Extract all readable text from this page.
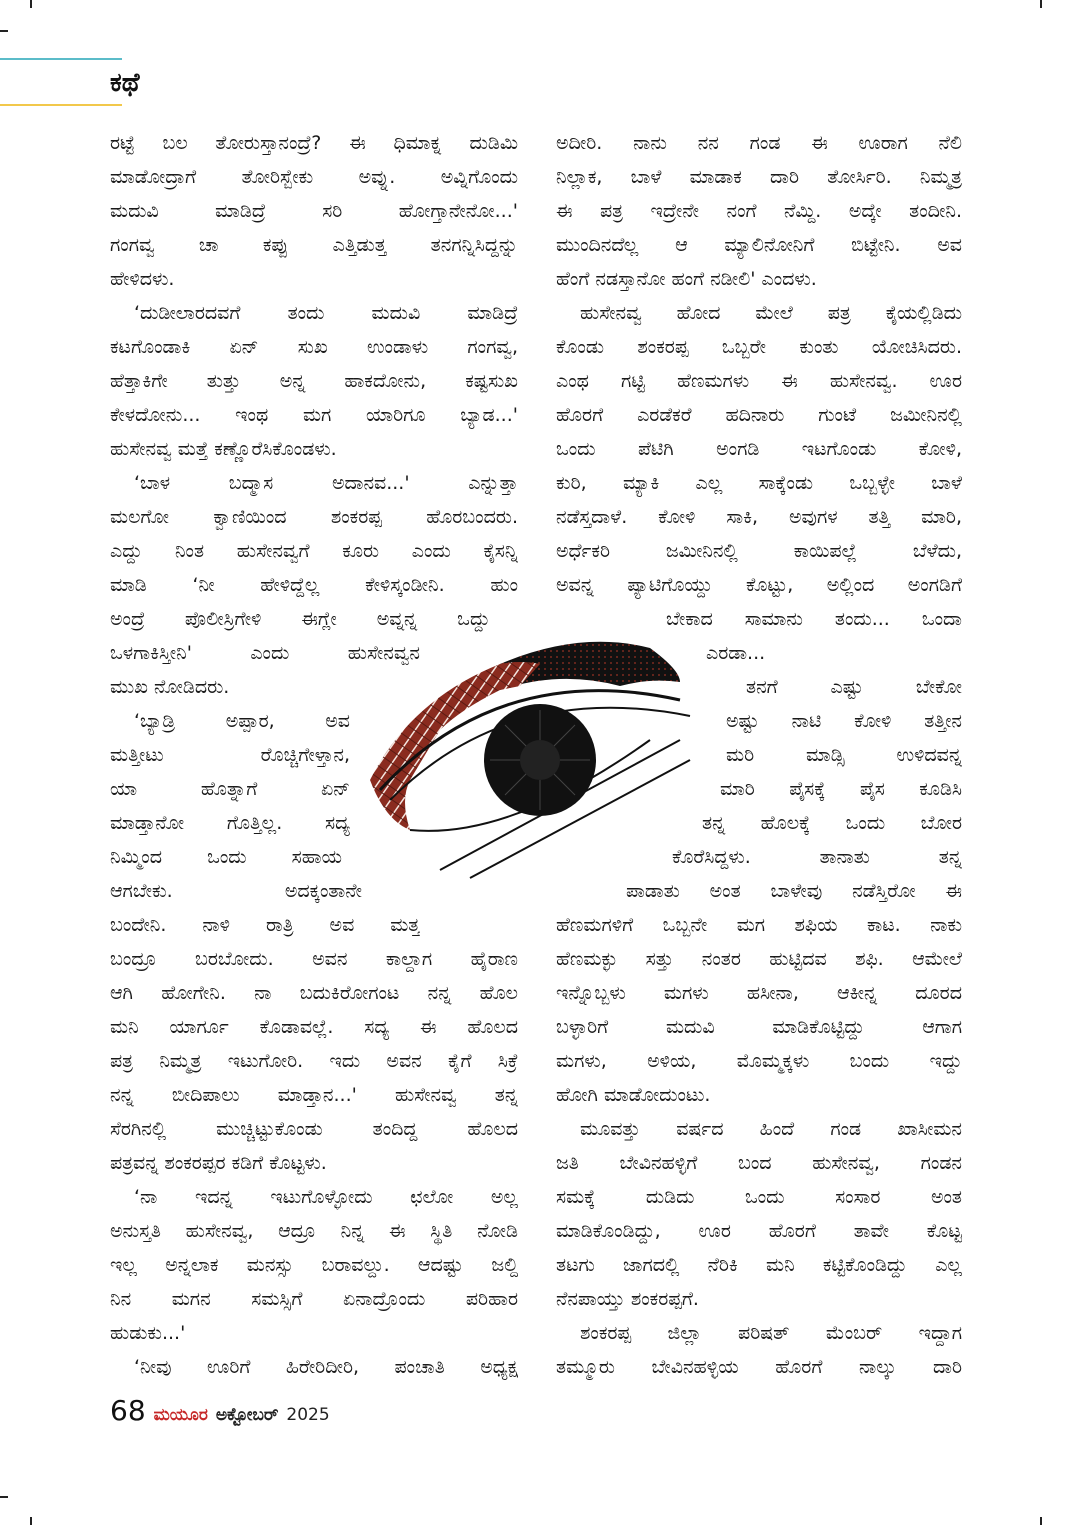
ಕಥೆ
ರಟ್ಟೆ ಬಲ ತೋರುಸ್ತಾನಂದ್ರೆ? ಈ ಧಿಮಾಕ್ನ ದುಡಿಮಿ
ಮಾಡೋದ್ರಾಗೆ ತೋರಿಸ್ಬೇಕು ಅವ್ನು. ಅವ್ನಿಗೊಂದು
ಮದುವಿ ಮಾಡಿದ್ರೆ ಸರಿ ಹೋಗ್ತಾನೇನೋ...'
ಗಂಗವ್ವ ಚಾ ಕಪ್ಪು ಎತ್ತಿಡುತ್ತ ತನಗನ್ನಿಸಿದ್ದನ್ನು
ಹೇಳಿದಳು.
‘ದುಡೀಲಾರದವಗೆ ತಂದು ಮದುವಿ ಮಾಡಿದ್ರೆ
ಕಟಗೊಂಡಾಕಿ ಏನ್ ಸುಖ ಉಂಡಾಳು ಗಂಗವ್ವ,
ಹೆತ್ತಾಕಿಗೇ ತುತ್ತು ಅನ್ನ ಹಾಕದೋನು, ಕಷ್ಟಸುಖ
ಕೇಳದೋನು... ಇಂಥ ಮಗ ಯಾರಿಗೂ ಬ್ಯಾಡ...'
ಹುಸೇನವ್ವ ಮತ್ತೆ ಕಣ್ಣೊರೆಸಿಕೊಂಡಳು.
‘ಬಾಳ ಬದ್ಮಾಸ ಅದಾನವ...' ಎನ್ನುತ್ತಾ
ಮಲಗೋ ಕ್ವಾಣಿಯಿಂದ ಶಂಕರಪ್ಪ ಹೊರಬಂದರು.
ಎದ್ದು ನಿಂತ ಹುಸೇನವ್ವಗೆ ಕೂರು ಎಂದು ಕೈಸನ್ನಿ
ಮಾಡಿ ‘ನೀ ಹೇಳಿದ್ದೆಲ್ಲ ಕೇಳಿಸ್ಕಂಡೀನಿ. ಹುಂ
ಅಂದ್ರೆ ಪೊಲೀಸ್ರಿಗೇಳಿ ಈಗ್ಲೇ ಅವ್ನನ್ನ ಒದ್ದು
ಒಳಗಾಕಿಸ್ತೀನಿ' ಎಂದು ಹುಸೇನವ್ವನ
ಮುಖ ನೋಡಿದರು.
‘ಬ್ಯಾಡ್ರಿ ಅಪ್ಪಾರ, ಅವ
ಮತ್ತೀಟು ರೊಚ್ಚಿಗೇಳ್ತಾನ,
ಯಾ ಹೊತ್ನಾಗೆ ಏನ್
ಮಾಡ್ತಾನೋ ಗೊತ್ತಿಲ್ಲ. ಸದ್ಯ
ನಿಮ್ಮಿಂದ ಒಂದು ಸಹಾಯ
ಆಗಬೇಕು. ಅದಕ್ಕಂತಾನೇ
ಬಂದೇನಿ. ನಾಳಿ ರಾತ್ರಿ ಅವ ಮತ್ತ
ಬಂದ್ರೂ ಬರಬೋದು. ಅವನ ಕಾಲ್ದಾಗ ಹೈರಾಣ
ಆಗಿ ಹೋಗೇನಿ. ನಾ ಬದುಕಿರೋಗಂಟ ನನ್ನ ಹೊಲ
ಮನಿ ಯಾರ್ಗೂ ಕೊಡಾವಲ್ಲೆ. ಸದ್ಯ ಈ ಹೊಲದ
ಪತ್ರ ನಿಮ್ಮತ್ರ ಇಟುಗೋರಿ. ಇದು ಅವನ ಕೈಗೆ ಸಿಕ್ರೆ
ನನ್ನ ಬೀದಿಪಾಲು ಮಾಡ್ತಾನ...' ಹುಸೇನವ್ವ ತನ್ನ
ಸೆರಗಿನಲ್ಲಿ ಮುಚ್ಚಿಟ್ಟುಕೊಂಡು ತಂದಿದ್ದ ಹೊಲದ
ಪತ್ರವನ್ನ ಶಂಕರಪ್ಪರ ಕಡಿಗೆ ಕೊಟ್ಟಳು.
‘ನಾ ಇದನ್ನ ಇಟುಗೊಳ್ಳೋದು ಛಲೋ ಅಲ್ಲ
ಅನುಸ್ತತಿ ಹುಸೇನವ್ವ, ಆದ್ರೂ ನಿನ್ನ ಈ ಸ್ಥಿತಿ ನೋಡಿ
ಇಲ್ಲ ಅನ್ನಲಾಕ ಮನಸ್ಸು ಬರಾವಲ್ದು. ಆದಷ್ಟು ಜಲ್ದಿ
ನಿನ ಮಗನ ಸಮಸ್ಸಿಗೆ ಏನಾದ್ರೊಂದು ಪರಿಹಾರ
ಹುಡುಕು...'
‘ನೀವು ಊರಿಗೆ ಹಿರೇರಿದೀರಿ, ಪಂಚಾತಿ ಅಧ್ಯಕ್ಷ
ಅದೀರಿ. ನಾನು ನನ ಗಂಡ ಈ ಊರಾಗ ನೆಲಿ
ನಿಲ್ಲಾಕ, ಬಾಳೆ ಮಾಡಾಕ ದಾರಿ ತೋರ್ಸಿರಿ. ನಿಮ್ಮತ್ರ
ಈ ಪತ್ರ ಇದ್ರೇನೇ ನಂಗೆ ನೆಮ್ದಿ. ಅದ್ಕೇ ತಂದೀನಿ.
ಮುಂದಿನದೆಲ್ಲ ಆ ಮ್ಯಾಲಿನೋನಿಗೆ ಬಿಟ್ಟೇನಿ. ಅವ
ಹೆಂಗೆ ನಡಸ್ತಾನೋ ಹಂಗೆ ನಡೀಲಿ' ಎಂದಳು.
ಹುಸೇನವ್ವ ಹೋದ ಮೇಲೆ ಪತ್ರ ಕೈಯಲ್ಲಿಡಿದು
ಕೊಂಡು ಶಂಕರಪ್ಪ ಒಬ್ಬರೇ ಕುಂತು ಯೋಚಿಸಿದರು.
ಎಂಥ ಗಟ್ಟಿ ಹೆಣಮಗಳು ಈ ಹುಸೇನವ್ವ. ಊರ
ಹೊರಗೆ ಎರಡೆಕರೆ ಹದಿನಾರು ಗುಂಟೆ ಜಮೀನಿನಲ್ಲಿ
ಒಂದು ಪೆಟಿಗಿ ಅಂಗಡಿ ಇಟಗೊಂಡು ಕೋಳಿ,
ಕುರಿ, ಮ್ಯಾಕಿ ಎಲ್ಲ ಸಾಕ್ಕೆಂಡು ಒಬ್ಬಳ್ಳೇ ಬಾಳೆ
ನಡೆಸ್ತದಾಳೆ. ಕೋಳಿ ಸಾಕಿ, ಅವುಗಳ ತತ್ತಿ ಮಾರಿ,
ಅರ್ಧೆಕರಿ ಜಮೀನಿನಲ್ಲಿ ಕಾಯಿಪಲ್ಲೆ ಬೆಳೆದು,
ಅವನ್ನ ಪ್ಯಾಟಿಗೊಯ್ದು ಕೊಟ್ಟು, ಅಲ್ಲಿಂದ ಅಂಗಡಿಗೆ
ಬೇಕಾದ ಸಾಮಾನು ತಂದು... ಒಂದಾ
ಎರಡಾ...
ತನಗೆ ಎಷ್ಟು ಬೇಕೋ
ಅಷ್ಟು ನಾಟಿ ಕೋಳಿ ತತ್ತೀನ
ಮರಿ ಮಾಡ್ಸಿ ಉಳಿದವನ್ನ
ಮಾರಿ ಪೈಸಕ್ಕೆ ಪೈಸ ಕೂಡಿಸಿ
ತನ್ನ ಹೊಲಕ್ಕೆ ಒಂದು ಬೋರ
ಕೊರೆಸಿದ್ದಳು. ತಾನಾತು ತನ್ನ
ಪಾಡಾತು ಅಂತ ಬಾಳೇವು ನಡೆಸ್ತಿರೋ ಈ
ಹೆಣಮಗಳಿಗೆ ಒಬ್ಬನೇ ಮಗ ಶಫಿಯ ಕಾಟ. ನಾಕು
ಹೆಣಮಕ್ಳು ಸತ್ತು ನಂತರ ಹುಟ್ಟಿದವ ಶಫಿ. ಆಮೇಲೆ
ಇನ್ನೊಬ್ಬಳು ಮಗಳು ಹಸೀನಾ, ಆಕೀನ್ನ ದೂರದ
ಬಳ್ಳಾರಿಗೆ ಮದುವಿ ಮಾಡಿಕೊಟ್ಟಿದ್ದು ಆಗಾಗ
ಮಗಳು, ಅಳಿಯ, ಮೊಮ್ಮಕ್ಕಳು ಬಂದು ಇದ್ದು
ಹೋಗಿ ಮಾಡೋದುಂಟು.
ಮೂವತ್ತು ವರ್ಷದ ಹಿಂದೆ ಗಂಡ ಖಾಸೀಮನ
ಜತಿ ಬೇವಿನಹಳ್ಳಿಗೆ ಬಂದ ಹುಸೇನವ್ವ, ಗಂಡನ
ಸಮಕ್ಕೆ ದುಡಿದು ಒಂದು ಸಂಸಾರ ಅಂತ
ಮಾಡಿಕೊಂಡಿದ್ದು, ಊರ ಹೊರಗೆ ತಾವೇ ಕೊಟ್ಟ
ತಟಗು ಜಾಗದಲ್ಲಿ ನೆರಿಕಿ ಮನಿ ಕಟ್ಟಿಕೊಂಡಿದ್ದು ಎಲ್ಲ
ನೆನಪಾಯ್ತು ಶಂಕರಪ್ಪಗೆ.
ಶಂಕರಪ್ಪ ಜಿಲ್ಲಾ ಪರಿಷತ್ ಮೆಂಬರ್ ಇದ್ದಾಗ
ತಮ್ಮೂರು ಬೇವಿನಹಳ್ಳಿಯ ಹೊರಗೆ ನಾಲ್ಕು ದಾರಿ
68 ಮಯೂರ ಅಕ್ಟೋಬರ್ 2025
